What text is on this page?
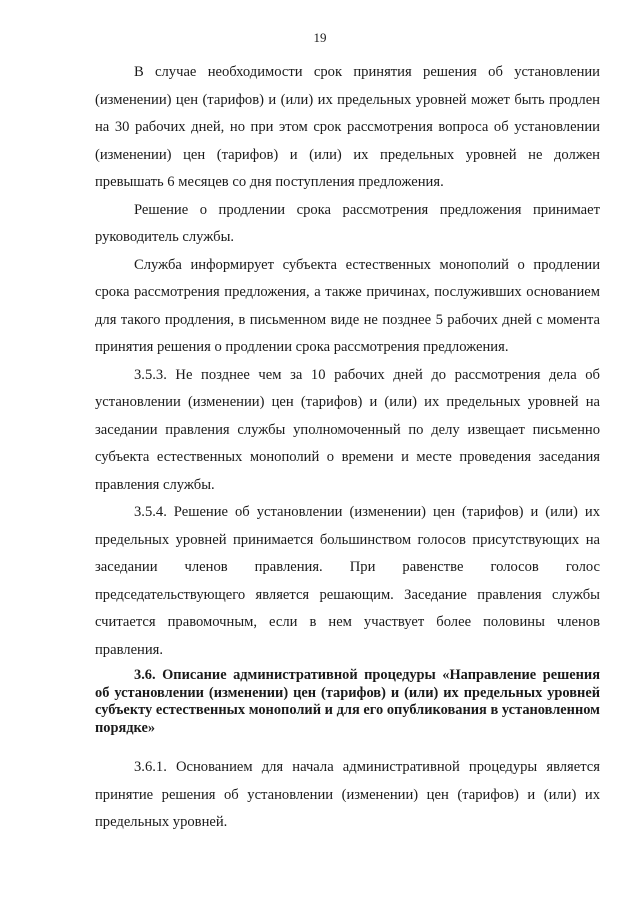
19

В случае необходимости срок принятия решения об установлении (изменении) цен (тарифов) и (или) их предельных уровней может быть продлен на 30 рабочих дней, но при этом срок рассмотрения вопроса об установлении (изменении) цен (тарифов) и (или) их предельных уровней не должен превышать 6 месяцев со дня поступления предложения.

Решение о продлении срока рассмотрения предложения принимает руководитель службы.

Служба информирует субъекта естественных монополий о продлении срока рассмотрения предложения, а также причинах, послуживших основанием для такого продления, в письменном виде не позднее 5 рабочих дней с момента принятия решения о продлении срока рассмотрения предложения.

3.5.3. Не позднее чем за 10 рабочих дней до рассмотрения дела об установлении (изменении) цен (тарифов) и (или) их предельных уровней на заседании правления службы уполномоченный по делу извещает письменно субъекта естественных монополий о времени и месте проведения заседания правления службы.

3.5.4. Решение об установлении (изменении) цен (тарифов) и (или) их предельных уровней принимается большинством голосов присутствующих на заседании членов правления. При равенстве голосов голос председательствующего является решающим. Заседание правления службы считается правомочным, если в нем участвует более половины членов правления.

3.6. Описание административной процедуры «Направление решения об установлении (изменении) цен (тарифов) и (или) их предельных уровней субъекту естественных монополий и для его опубликования в установленном порядке»

3.6.1. Основанием для начала административной процедуры является принятие решения об установлении (изменении) цен (тарифов) и (или) их предельных уровней.
